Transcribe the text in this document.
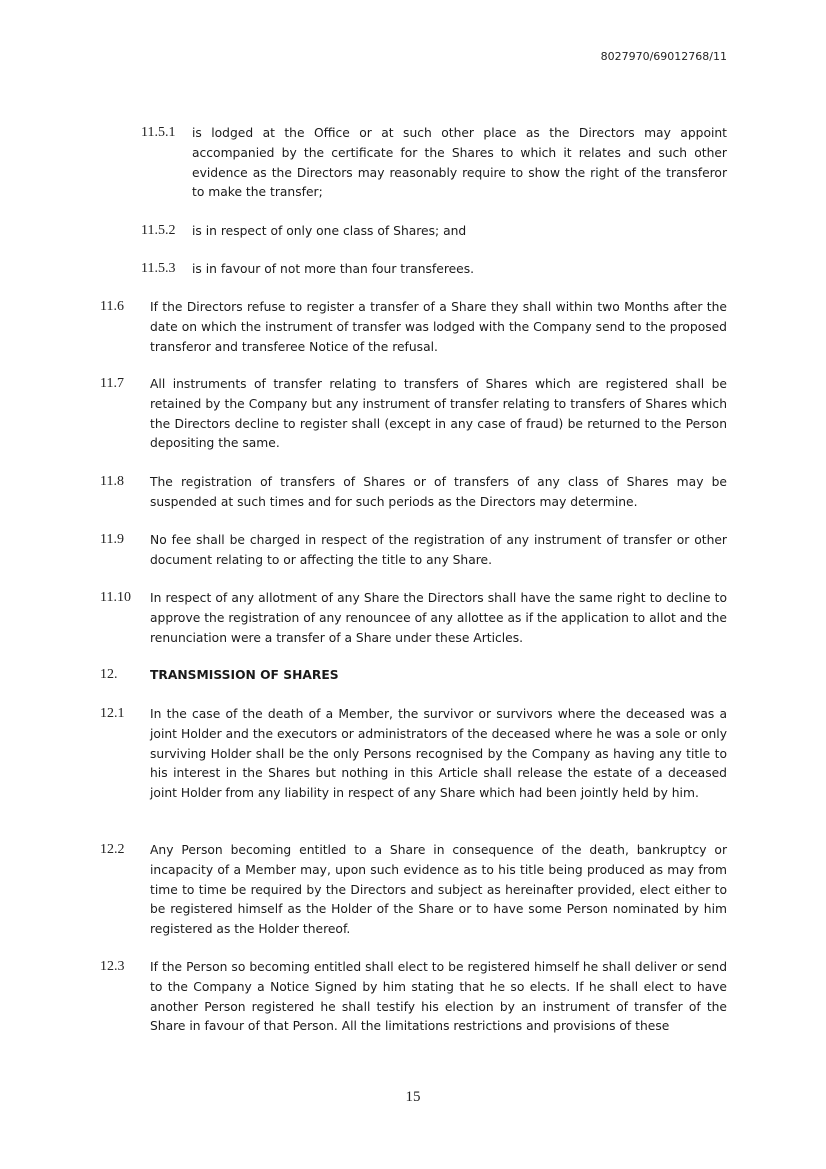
8027970/69012768/11
11.5.1 is lodged at the Office or at such other place as the Directors may appoint accompanied by the certificate for the Shares to which it relates and such other evidence as the Directors may reasonably require to show the right of the transferor to make the transfer;
11.5.2 is in respect of only one class of Shares; and
11.5.3 is in favour of not more than four transferees.
11.6 If the Directors refuse to register a transfer of a Share they shall within two Months after the date on which the instrument of transfer was lodged with the Company send to the proposed transferor and transferee Notice of the refusal.
11.7 All instruments of transfer relating to transfers of Shares which are registered shall be retained by the Company but any instrument of transfer relating to transfers of Shares which the Directors decline to register shall (except in any case of fraud) be returned to the Person depositing the same.
11.8 The registration of transfers of Shares or of transfers of any class of Shares may be suspended at such times and for such periods as the Directors may determine.
11.9 No fee shall be charged in respect of the registration of any instrument of transfer or other document relating to or affecting the title to any Share.
11.10 In respect of any allotment of any Share the Directors shall have the same right to decline to approve the registration of any renouncee of any allottee as if the application to allot and the renunciation were a transfer of a Share under these Articles.
12.	TRANSMISSION OF SHARES
12.1 In the case of the death of a Member, the survivor or survivors where the deceased was a joint Holder and the executors or administrators of the deceased where he was a sole or only surviving Holder shall be the only Persons recognised by the Company as having any title to his interest in the Shares but nothing in this Article shall release the estate of a deceased joint Holder from any liability in respect of any Share which had been jointly held by him.
12.2 Any Person becoming entitled to a Share in consequence of the death, bankruptcy or incapacity of a Member may, upon such evidence as to his title being produced as may from time to time be required by the Directors and subject as hereinafter provided, elect either to be registered himself as the Holder of the Share or to have some Person nominated by him registered as the Holder thereof.
12.3 If the Person so becoming entitled shall elect to be registered himself he shall deliver or send to the Company a Notice Signed by him stating that he so elects. If he shall elect to have another Person registered he shall testify his election by an instrument of transfer of the Share in favour of that Person. All the limitations restrictions and provisions of these
15
